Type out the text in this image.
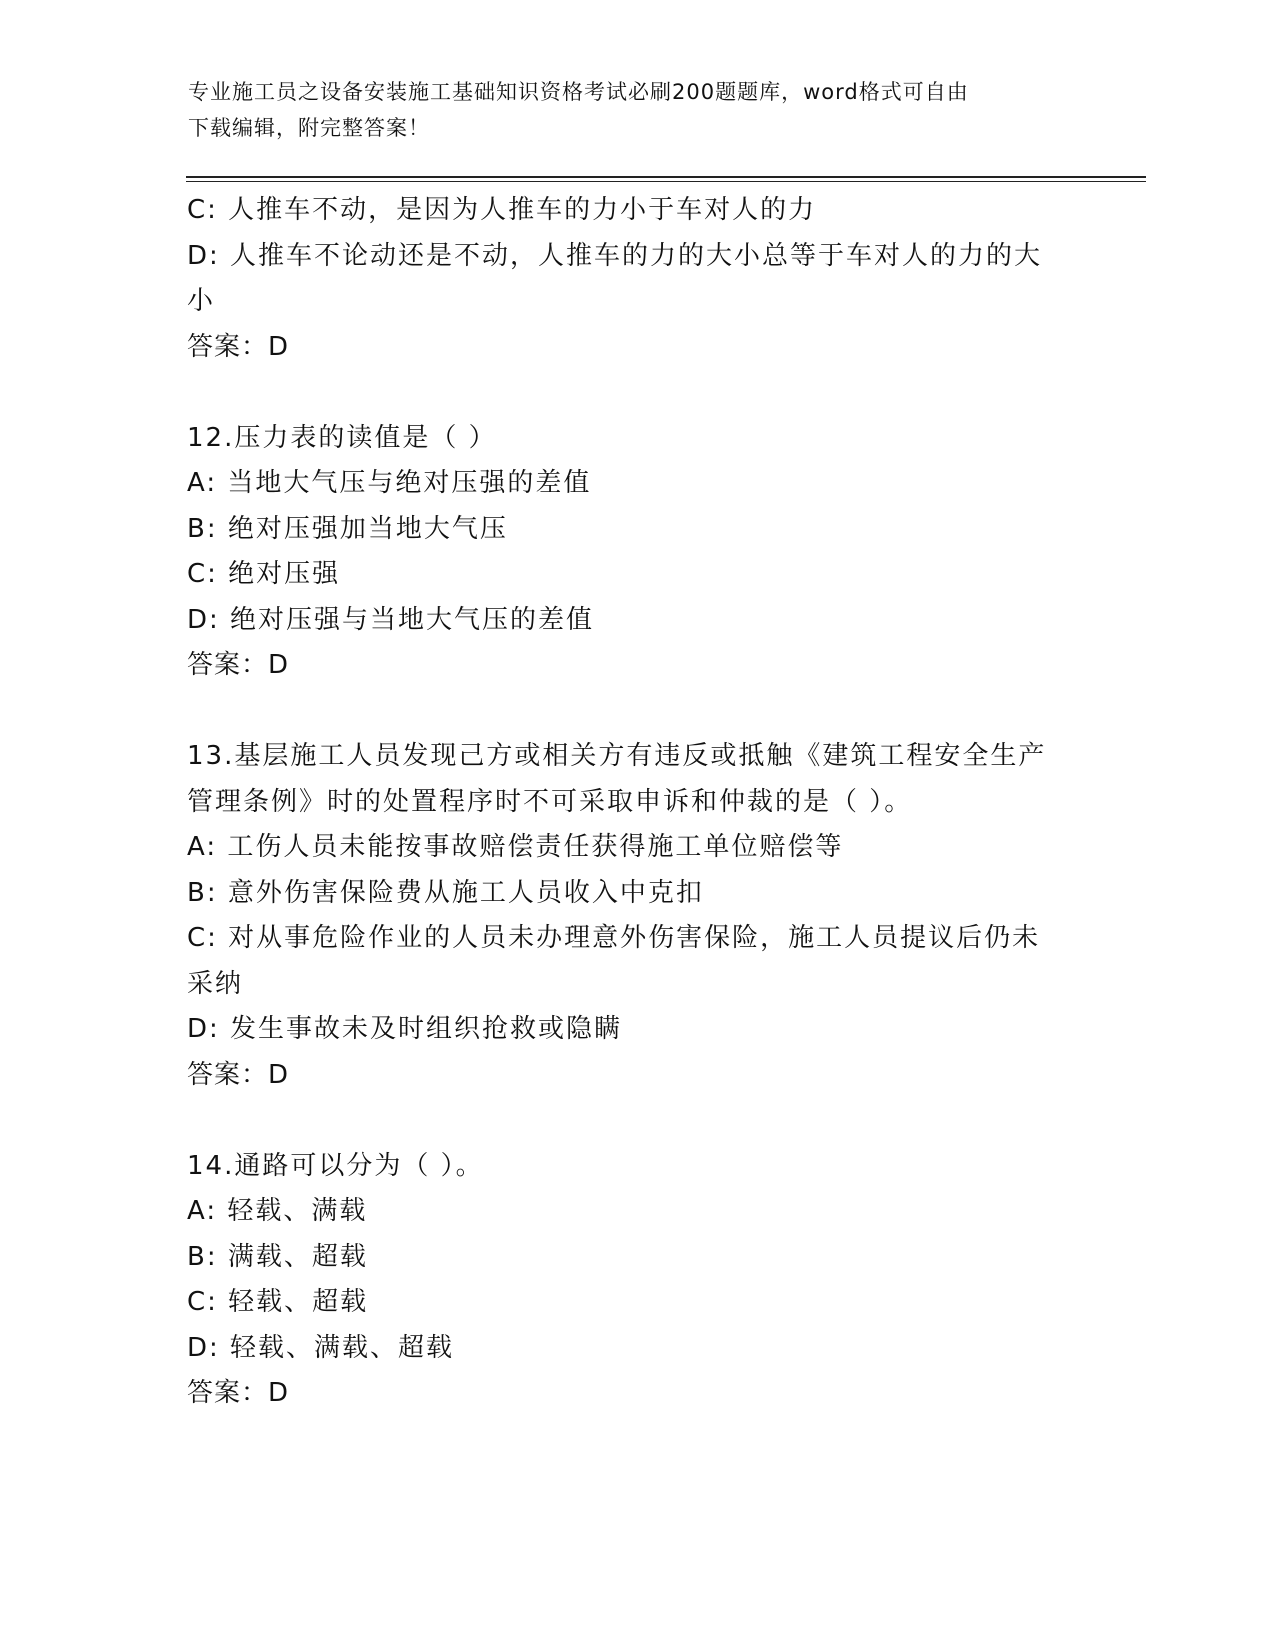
专业施工员之设备安装施工基础知识资格考试必刷200题题库，word格式可自由
下载编辑，附完整答案！
C: 人推车不动，是因为人推车的力小于车对人的力
D: 人推车不论动还是不动，人推车的力的大小总等于车对人的力的大
小
答案：D
12.压力表的读值是（ ）
A: 当地大气压与绝对压强的差值
B: 绝对压强加当地大气压
C: 绝对压强
D: 绝对压强与当地大气压的差值
答案：D
13.基层施工人员发现己方或相关方有违反或抵触《建筑工程安全生产
管理条例》时的处置程序时不可采取申诉和仲裁的是（ ）。
A: 工伤人员未能按事故赔偿责任获得施工单位赔偿等
B: 意外伤害保险费从施工人员收入中克扣
C: 对从事危险作业的人员未办理意外伤害保险，施工人员提议后仍未
采纳
D: 发生事故未及时组织抢救或隐瞒
答案：D
14.通路可以分为（ ）。
A: 轻载、满载
B: 满载、超载
C: 轻载、超载
D: 轻载、满载、超载
答案：D
